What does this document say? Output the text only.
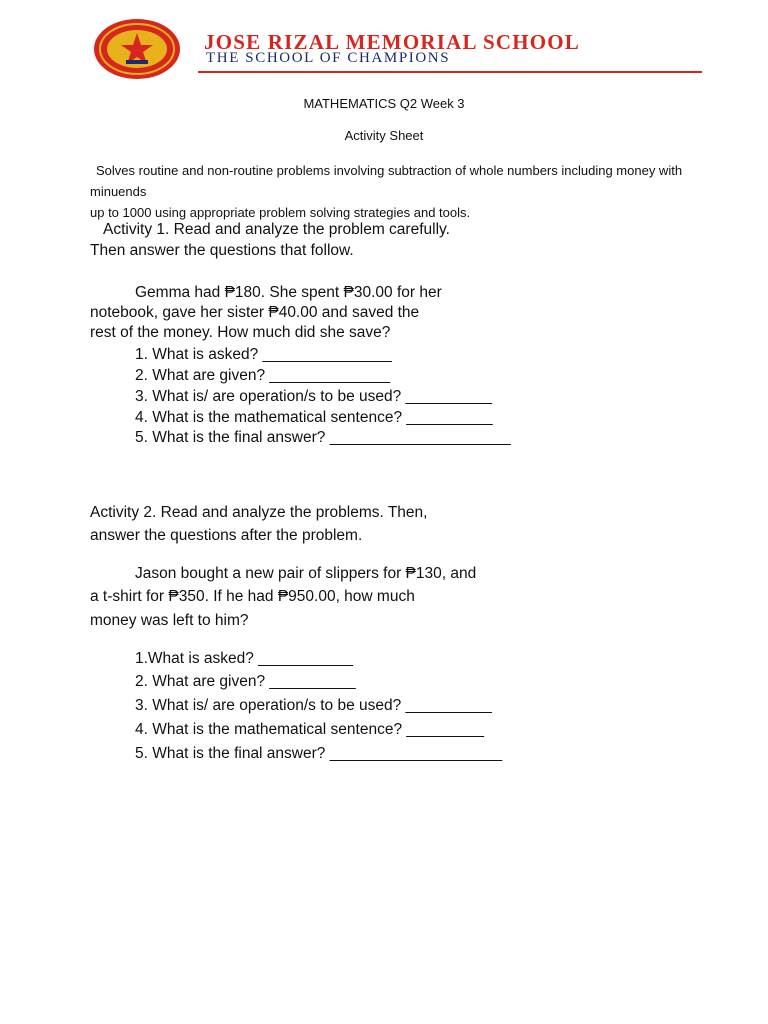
JOSE RIZAL MEMORIAL SCHOOL
THE SCHOOL OF CHAMPIONS
MATHEMATICS Q2 Week 3
Activity Sheet
Solves routine and non-routine problems involving subtraction of whole numbers including money with minuends
up to 1000 using appropriate problem solving strategies and tools.
Activity 1. Read and analyze the problem carefully.
Then answer the questions that follow.
Gemma had ₱180. She spent ₱30.00 for her
notebook, gave her sister ₱40.00 and saved the
rest of the money. How much did she save?
1. What is asked? _______________
2. What are given? ______________
3. What is/ are operation/s to be used? __________
4. What is the mathematical sentence? __________
5. What is the final answer? _____________________
Activity 2. Read and analyze the problems. Then,
answer the questions after the problem.
Jason bought a new pair of slippers for ₱130, and
a t-shirt for ₱350. If he had ₱950.00, how much
money was left to him?
1.What is asked? ___________
2. What are given? __________
3. What is/ are operation/s to be used? __________
4. What is the mathematical sentence? _________
5. What is the final answer? ____________________
